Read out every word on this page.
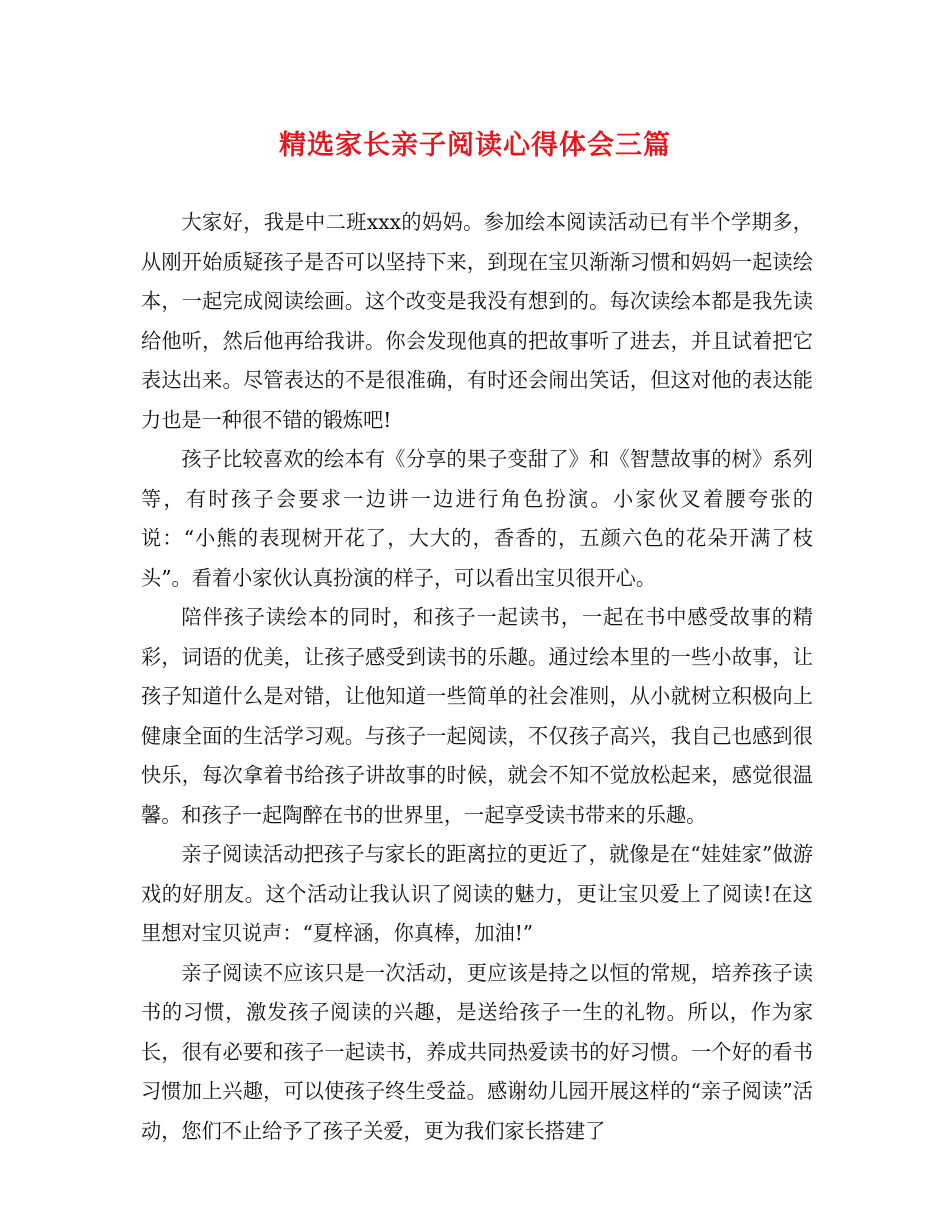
精选家长亲子阅读心得体会三篇

大家好，我是中二班xxx的妈妈。参加绘本阅读活动已有半个学期多，从刚开始质疑孩子是否可以坚持下来，到现在宝贝渐渐习惯和妈妈一起读绘本，一起完成阅读绘画。这个改变是我没有想到的。每次读绘本都是我先读给他听，然后他再给我讲。你会发现他真的把故事听了进去，并且试着把它表达出来。尽管表达的不是很准确，有时还会闹出笑话，但这对他的表达能力也是一种很不错的锻炼吧!

孩子比较喜欢的绘本有《分享的果子变甜了》和《智慧故事的树》系列等，有时孩子会要求一边讲一边进行角色扮演。小家伙叉着腰夸张的说：“小熊的表现树开花了，大大的，香香的，五颜六色的花朵开满了枝头”。看着小家伙认真扮演的样子，可以看出宝贝很开心。

陪伴孩子读绘本的同时，和孩子一起读书，一起在书中感受故事的精彩，词语的优美，让孩子感受到读书的乐趣。通过绘本里的一些小故事，让孩子知道什么是对错，让他知道一些简单的社会准则，从小就树立积极向上健康全面的生活学习观。与孩子一起阅读，不仅孩子高兴，我自己也感到很快乐，每次拿着书给孩子讲故事的时候，就会不知不觉放松起来，感觉很温馨。和孩子一起陶醉在书的世界里，一起享受读书带来的乐趣。

亲子阅读活动把孩子与家长的距离拉的更近了，就像是在“娃娃家”做游戏的好朋友。这个活动让我认识了阅读的魅力，更让宝贝爱上了阅读!在这里想对宝贝说声：“夏梓涵，你真棒，加油!”

亲子阅读不应该只是一次活动，更应该是持之以恒的常规，培养孩子读书的习惯，激发孩子阅读的兴趣，是送给孩子一生的礼物。所以，作为家长，很有必要和孩子一起读书，养成共同热爱读书的好习惯。一个好的看书习惯加上兴趣，可以使孩子终生受益。感谢幼儿园开展这样的“亲子阅读”活动，您们不止给予了孩子关爱，更为我们家长搭建了
